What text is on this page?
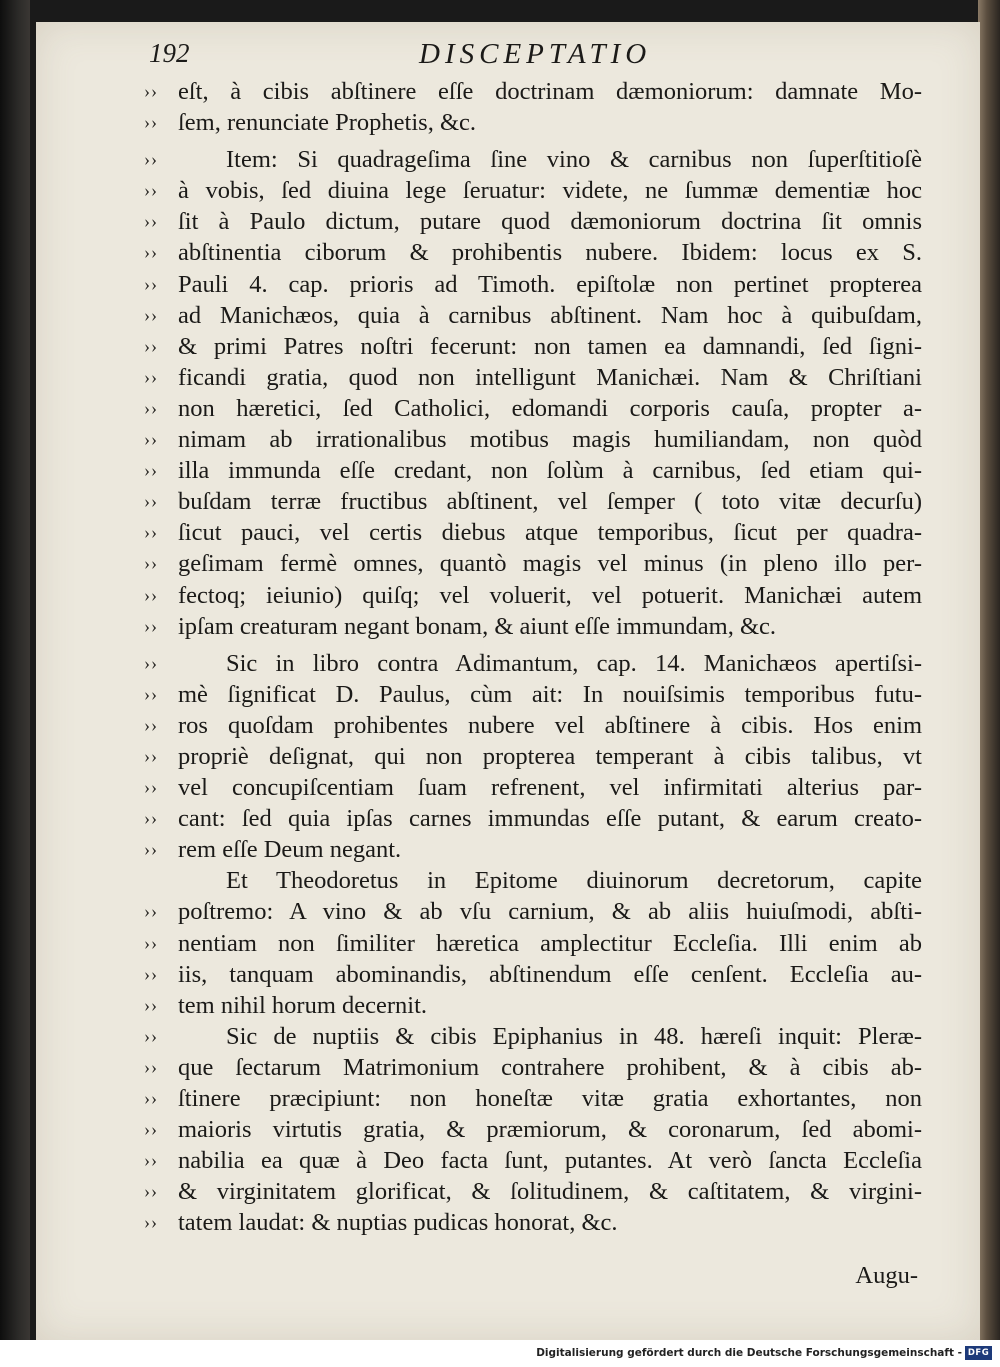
192	DISCEPTATIO
›› eſt, à cibis abſtinere eſſe doctrinam dæmoniorum: damnate Mo-
›› ſem, renunciate Prophetis, &c.
››	Item: Si quadrageſima ſine vino & carnibus non ſuperſtitioſè
›› à vobis, ſed diuina lege ſeruatur: videte, ne ſummæ dementiæ hoc
›› ſit à Paulo dictum, putare quod dæmoniorum doctrina ſit omnis
›› abſtinentia ciborum & prohibentis nubere. Ibidem: locus ex S.
›› Pauli 4. cap. prioris ad Timoth. epiſtolæ non pertinet propterea
›› ad Manichæos, quia à carnibus abſtinent. Nam hoc à quibuſdam,
›› & primi Patres noſtri fecerunt: non tamen ea damnandi, ſed ſigni-
›› ficandi gratia, quod non intelligunt Manichæi. Nam & Chriſtiani
›› non hæretici, ſed Catholici, edomandi corporis cauſa, propter a-
›› nimam ab irrationalibus motibus magis humiliandam, non quòd
›› illa immunda eſſe credant, non ſolùm à carnibus, ſed etiam qui-
›› buſdam terræ fructibus abſtinent, vel ſemper ( toto vitæ decurſu)
›› ſicut pauci, vel certis diebus atque temporibus, ſicut per quadra-
›› geſimam fermè omnes, quantò magis vel minus (in pleno illo per-
›› fectoq; ieiunio) quiſq; vel voluerit, vel potuerit. Manichæi autem
›› ipſam creaturam negant bonam, & aiunt eſſe immundam, &c.
››	Sic in libro contra Adimantum, cap. 14. Manichæos apertiſsi-
›› mè ſignificat D. Paulus, cùm ait: In nouiſsimis temporibus futu-
›› ros quoſdam prohibentes nubere vel abſtinere à cibis. Hos enim
›› propriè deſignat, qui non propterea temperant à cibis talibus, vt
›› vel concupiſcentiam ſuam refrenent, vel infirmitati alterius par-
›› cant: ſed quia ipſas carnes immundas eſſe putant, & earum creato-
›› rem eſſe Deum negant.
Et Theodoretus in Epitome diuinorum decretorum, capite
›› poſtremo: A vino & ab vſu carnium, & ab aliis huiuſmodi, abſti-
›› nentiam non ſimiliter hæretica amplectitur Eccleſia. Illi enim ab
›› iis, tanquam abominandis, abſtinendum eſſe cenſent. Eccleſia au-
›› tem nihil horum decernit.
››	Sic de nuptiis & cibis Epiphanius in 48. hæreſi inquit: Pleræ-
›› que ſectarum Matrimonium contrahere prohibent, & à cibis ab-
›› ſtinere præcipiunt: non honeſtæ vitæ gratia exhortantes, non
›› maioris virtutis gratia, & præmiorum, & coronarum, ſed abomi-
›› nabilia ea quæ à Deo facta ſunt, putantes. At verò ſancta Eccleſia
›› & virginitatem glorificat, & ſolitudinem, & caſtitatem, & virgini-
›› tatem laudat: & nuptias pudicas honorat, &c.
Augu-
Digitalisierung gefördert durch die Deutsche Forschungsgemeinschaft - DFG
